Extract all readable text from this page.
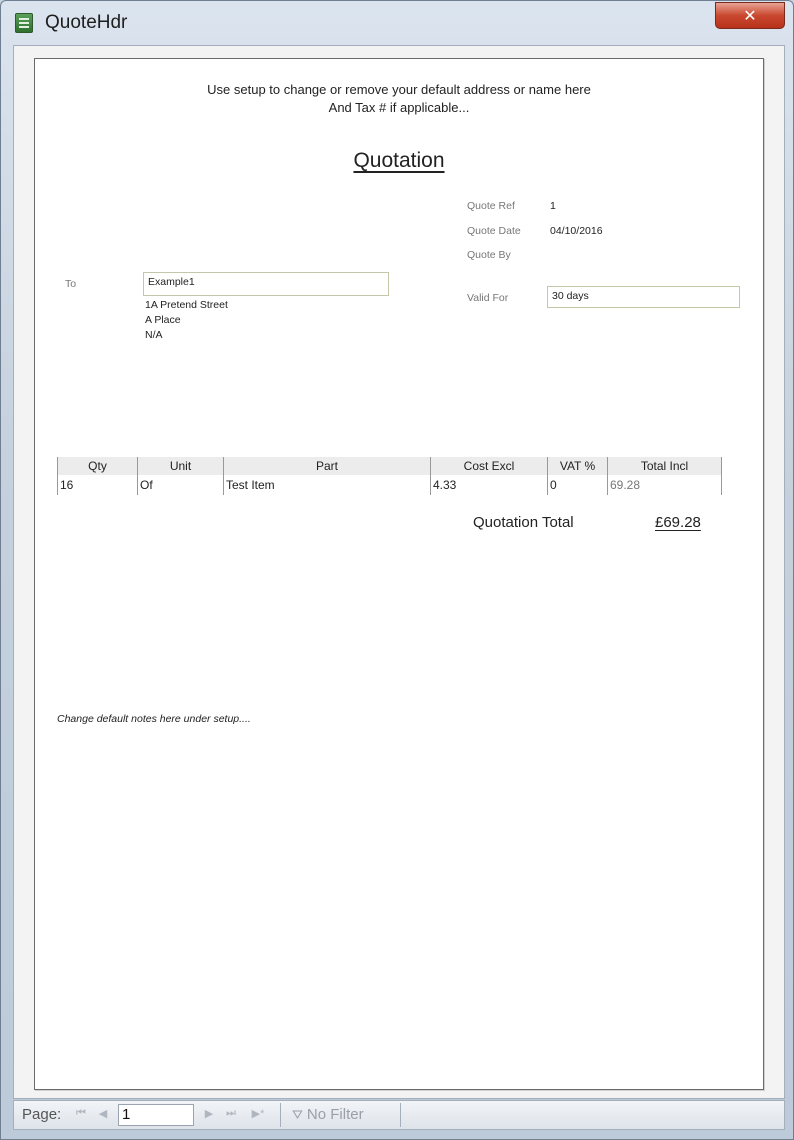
QuoteHdr	✕
Use setup to change or remove your default address or name here
And Tax # if applicable...
Quotation
Quote Ref	1
Quote Date	04/10/2016
Quote By
To	Example1
1A Pretend Street
A Place
N/A
Valid For	30 days
Qty	Unit	Part	Cost Excl	VAT %	Total Incl
16	Of	Test Item	4.33	0	69.28
Quotation Total	£69.28
Change default notes here under setup....
Page:	⏮	◀ 1	▶	⏭	▶*	⛛ No Filter
